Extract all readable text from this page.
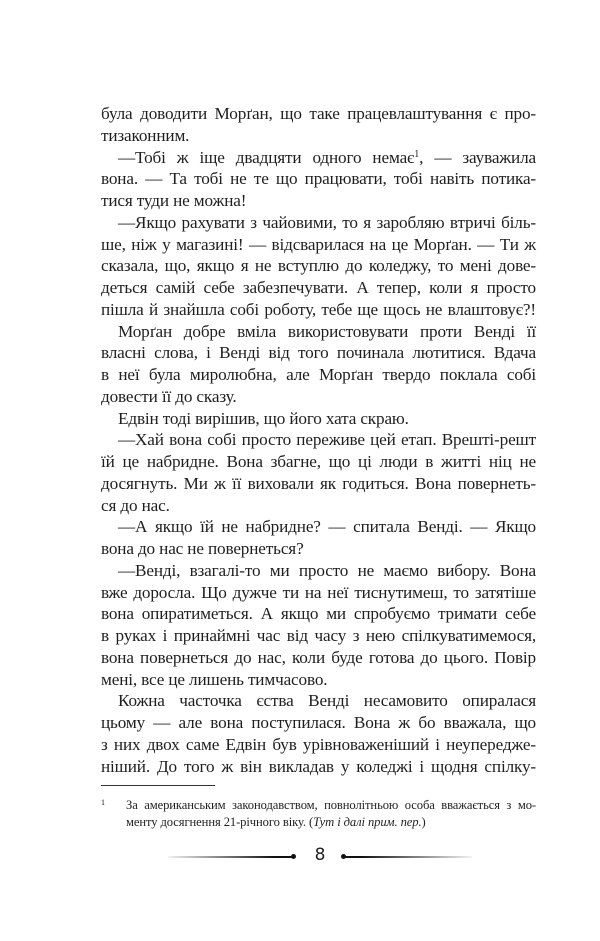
була доводити Морґан, що таке працевлаштування є про-
тизаконним.
—Тобі ж іще двадцяти одного немає$^1$, — зауважила
вона. — Та тобі не те що працювати, тобі навіть потика-
тися туди не можна!
—Якщо рахувати з чайовими, то я заробляю втричі біль-
ше, ніж у магазині! — відсварилася на це Морґан. — Ти ж
сказала, що, якщо я не вступлю до коледжу, то мені дове-
деться самій себе забезпечувати. А тепер, коли я просто
пішла й знайшла собі роботу, тебе ще щось не влаштовує?!
Морґан добре вміла використовувати проти Венді її
власні слова, і Венді від того починала лютитися. Вдача
в неї була миролюбна, але Морґан твердо поклала собі
довести її до сказу.
Едвін тоді вирішив, що його хата скраю.
—Хай вона собі просто переживе цей етап. Врешті-решт
їй це набридне. Вона збагне, що ці люди в житті ніц не
досягнуть. Ми ж її виховали як годиться. Вона повернеть-
ся до нас.
—А якщо їй не набридне? — спитала Венді. — Якщо
вона до нас не повернеться?
—Венді, взагалі-то ми просто не маємо вибору. Вона
вже доросла. Що дужче ти на неї тиснутимеш, то затятіше
вона опиратиметься. А якщо ми спробуємо тримати себе
в руках і принаймні час від часу з нею спілкуватимемося,
вона повернеться до нас, коли буде готова до цього. Повір
мені, все це лишень тимчасово.
Кожна часточка єства Венді несамовито опиралася
цьому — але вона поступилася. Вона ж бо вважала, що
з них двох саме Едвін був урівноваженіший і неупередже-
ніший. До того ж він викладав у коледжі і щодня спілку-
1 За американським законодавством, повнолітньою особа вважається з мо-
менту досягнення 21-річного віку. (Тут і далі прим. пер.)
8
